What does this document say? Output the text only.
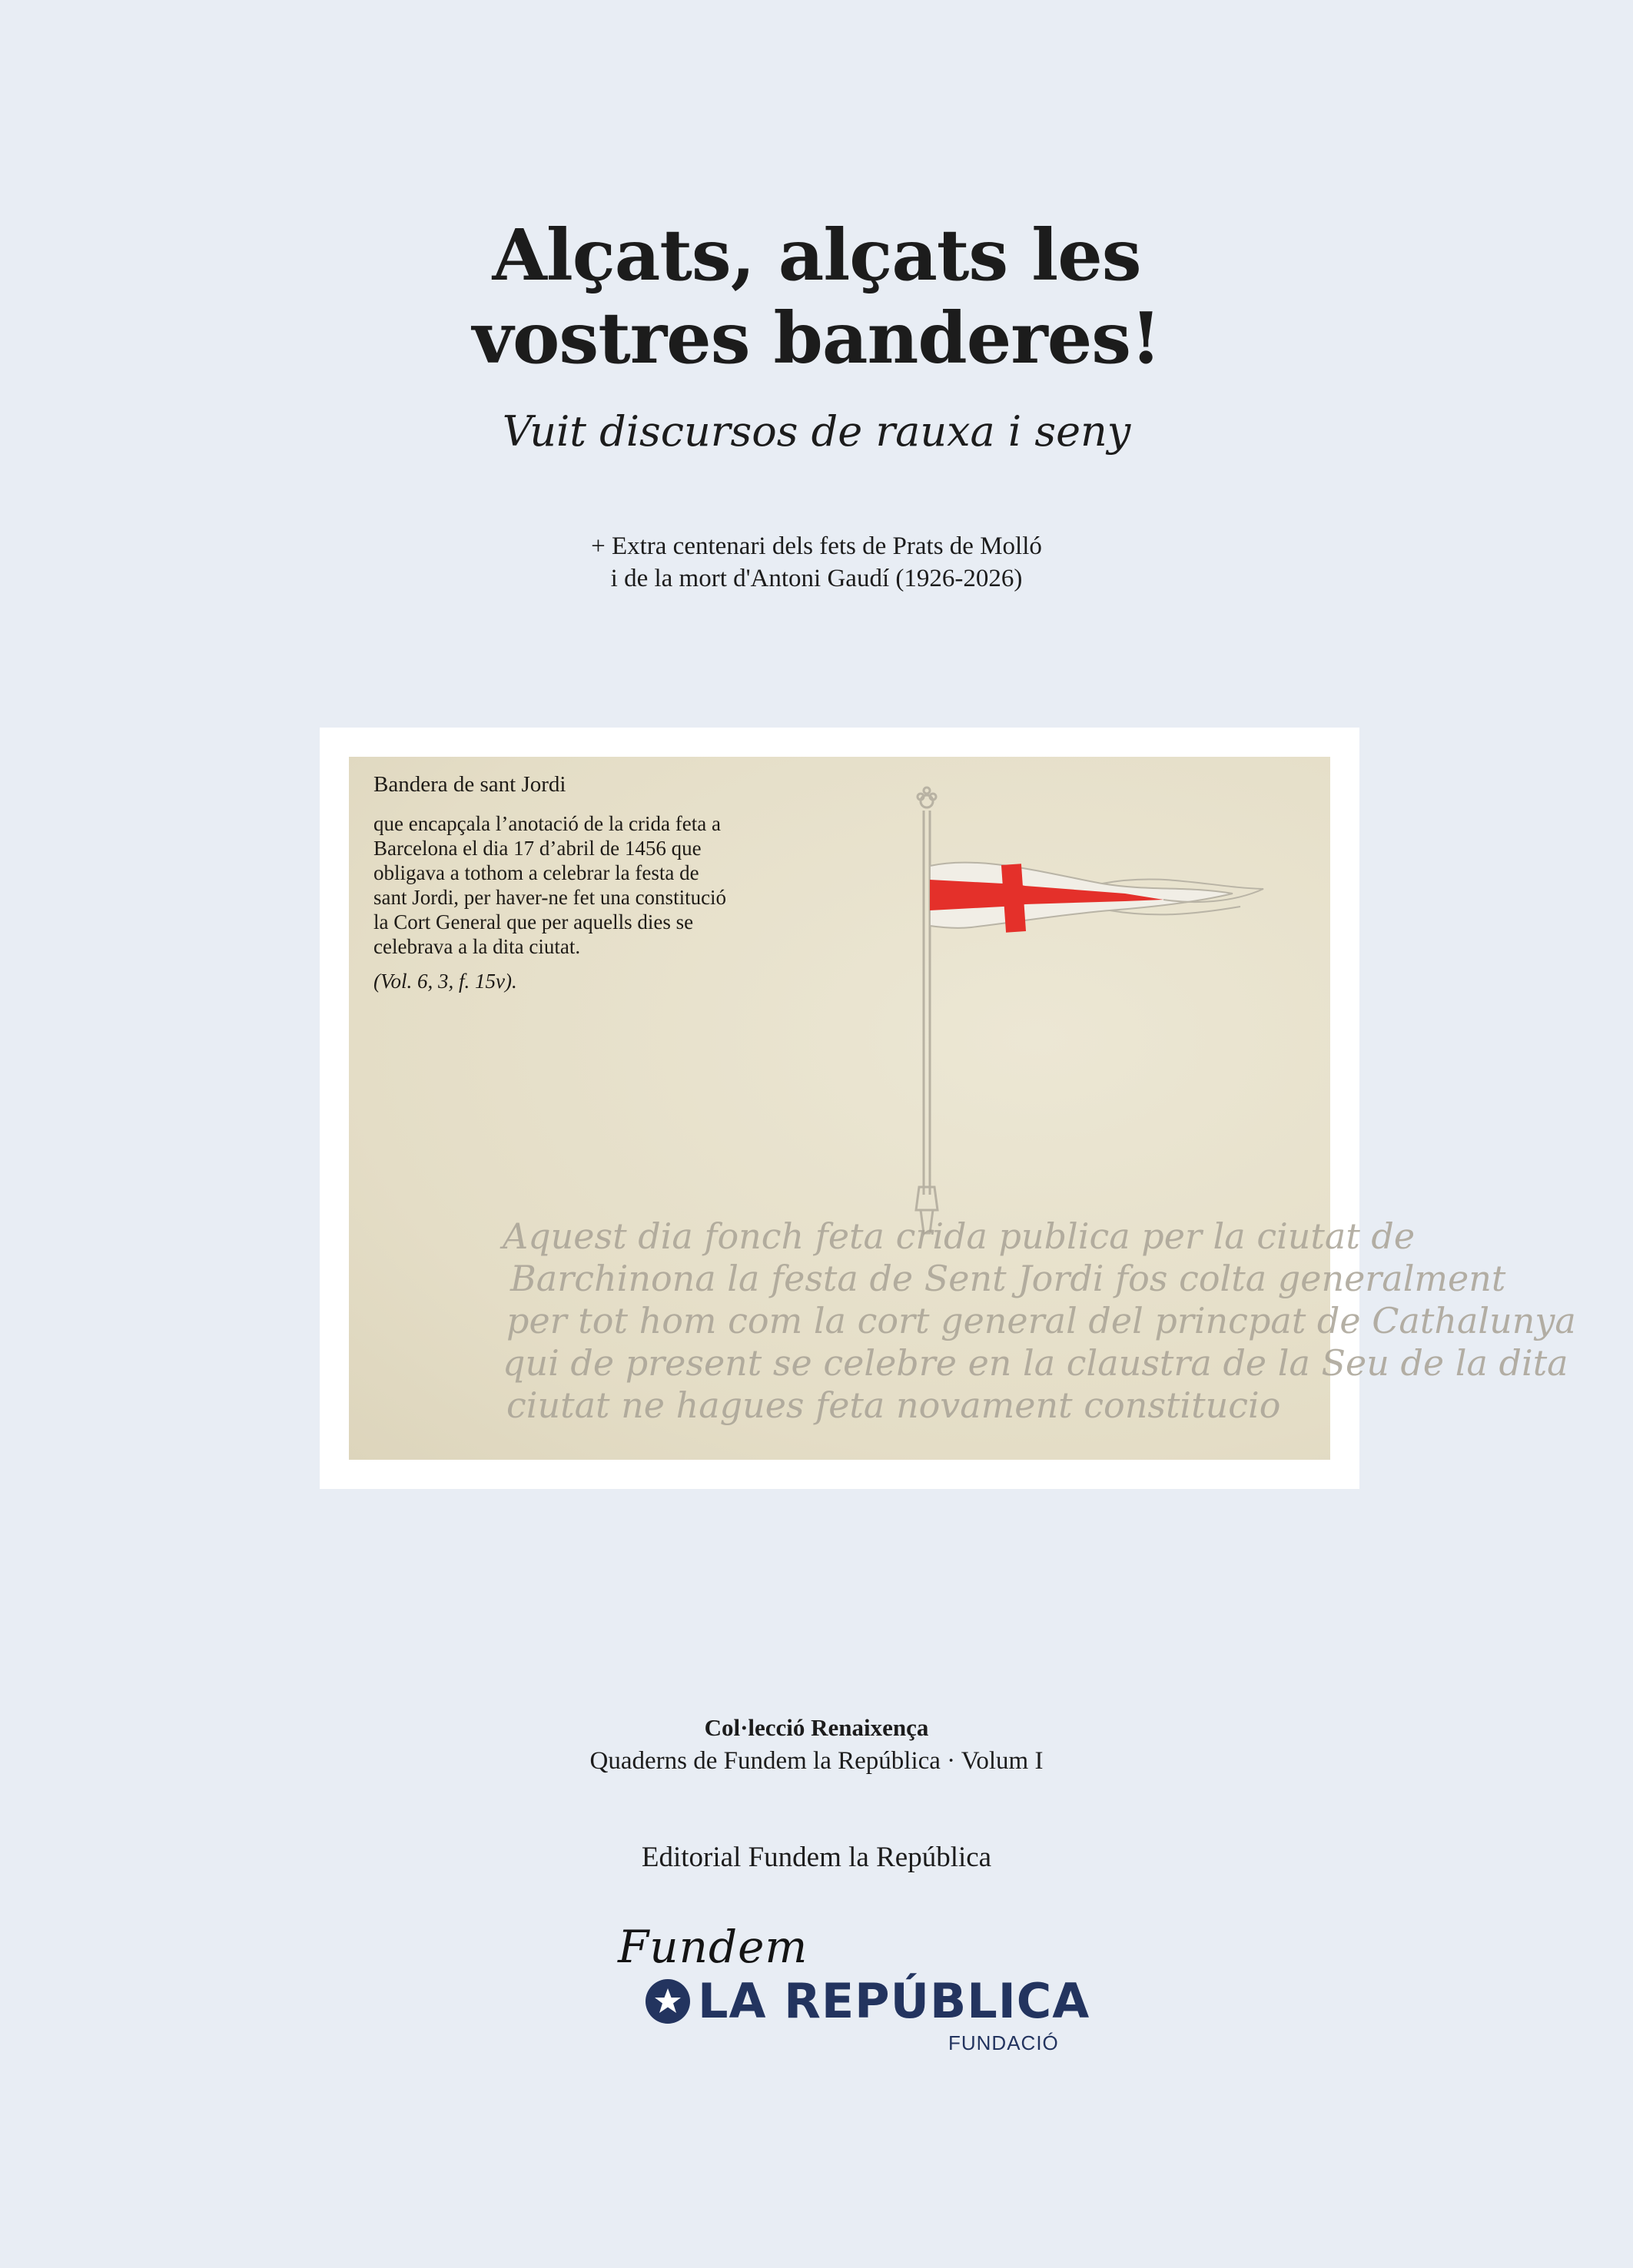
Alçats, alçats les
vostres banderes!

Vuit discursos de rauxa i seny

+ Extra centenari dels fets de Prats de Molló
i de la mort d'Antoni Gaudí (1926-2026)
Aquest dia fonch feta crida publica per la ciutat de
Barchinona la festa de Sent Jordi fos colta generalment
per tot hom com la cort general del princpat de Cathalunya
qui de present se celebre en la claustra de la Seu de la dita
ciutat ne hagues feta novament constitucio

Bandera de sant Jordi

que encapçala l’anotació de la crida feta a Barcelona el dia 17 d’abril de 1456 que obligava a tothom a celebrar la festa de sant Jordi, per haver-ne fet una constitució la Cort General que per aquells dies se celebrava a la dita ciutat.

(Vol. 6, 3, f. 15v).

Col·lecció Renaixença
Quaderns de Fundem la República · Volum I
Editorial Fundem la República
Fundem
LA REPÚBLICA
FUNDACIÓ
